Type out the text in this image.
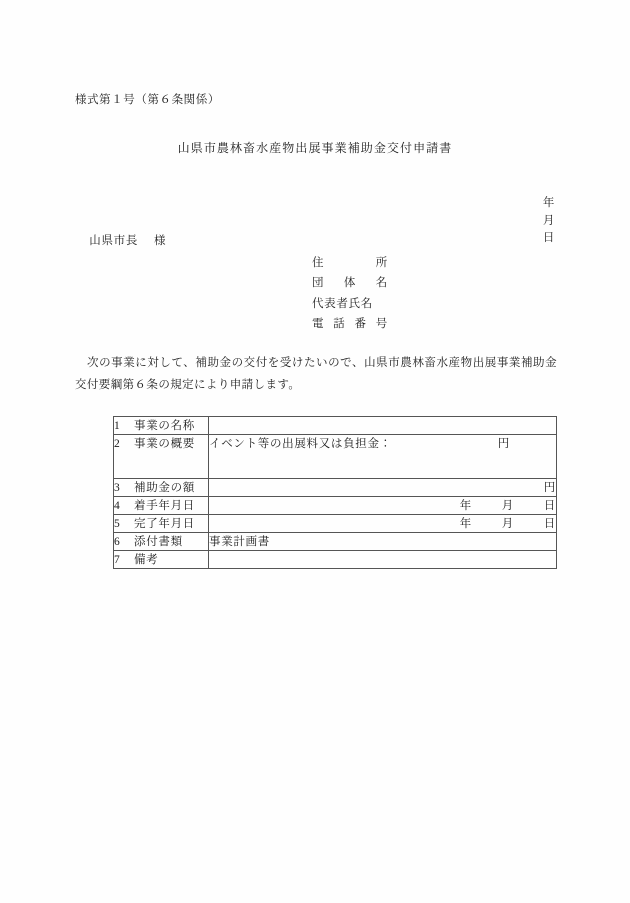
様式第１号（第６条関係）
山県市農林畜水産物出展事業補助金交付申請書

年
月
日

山県市長 様

住	所
団 体 名
代表者氏名
電 話 番 号
次の事業に対して、補助金の交付を受けたいので、山県市農林畜水産物出展事業補助金交付要綱第６条の規定により申請します。
1 事業の名称	

2 事業の概要	イベント等の出展料又は負担金： 円

3 補助金の額	円

4 着手年月日	年 月 日

5 完了年月日	年 月 日

6 添付書類	事業計画書

7 備考	
